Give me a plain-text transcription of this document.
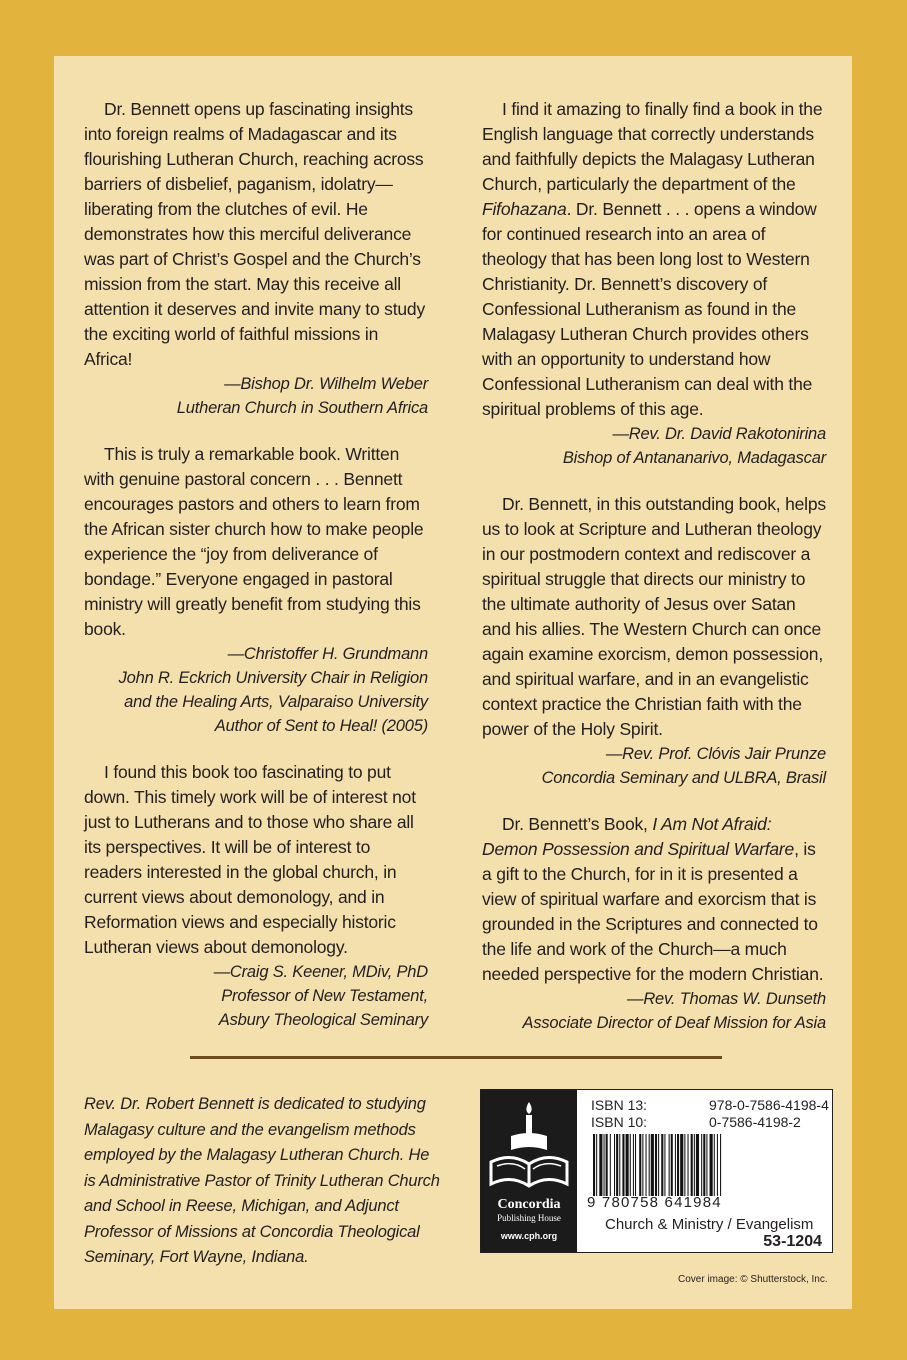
Dr. Bennett opens up fascinating insights into foreign realms of Madagascar and its flourishing Lutheran Church, reaching across barriers of disbelief, paganism, idolatry—liberating from the clutches of evil. He demonstrates how this merciful deliverance was part of Christ’s Gospel and the Church’s mission from the start. May this receive all attention it deserves and invite many to study the exciting world of faithful missions in Africa!

—Bishop Dr. Wilhelm Weber

Lutheran Church in Southern Africa

This is truly a remarkable book. Written with genuine pastoral concern . . . Bennett encourages pastors and others to learn from the African sister church how to make people experience the “joy from deliverance of bondage.” Everyone engaged in pastoral ministry will greatly benefit from studying this book.

—Christoffer H. Grundmann

John R. Eckrich University Chair in Religion

and the Healing Arts, Valparaiso University

Author of Sent to Heal! (2005)

I found this book too fascinating to put down. This timely work will be of interest not just to Lutherans and to those who share all its perspectives. It will be of interest to readers interested in the global church, in current views about demonology, and in Reformation views and especially historic Lutheran views about demonology.

—Craig S. Keener, MDiv, PhD

Professor of New Testament,

Asbury Theological Seminary

I find it amazing to finally find a book in the English language that correctly understands and faithfully depicts the Malagasy Lutheran Church, particularly the department of the Fifohazana. Dr. Bennett . . . opens a window for continued research into an area of theology that has been long lost to Western Christianity. Dr. Bennett’s discovery of Confessional Lutheranism as found in the Malagasy Lutheran Church provides others with an opportunity to understand how Confessional Lutheranism can deal with the spiritual problems of this age.

—Rev. Dr. David Rakotonirina

Bishop of Antananarivo, Madagascar

Dr. Bennett, in this outstanding book, helps us to look at Scripture and Lutheran theology in our postmodern context and rediscover a spiritual struggle that directs our ministry to the ultimate authority of Jesus over Satan and his allies. The Western Church can once again examine exorcism, demon possession, and spiritual warfare, and in an evangelistic context practice the Christian faith with the power of the Holy Spirit.

—Rev. Prof. Clóvis Jair Prunze

Concordia Seminary and ULBRA, Brasil

Dr. Bennett’s Book, I Am Not Afraid: Demon Possession and Spiritual Warfare, is a gift to the Church, for in it is presented a view of spiritual warfare and exorcism that is grounded in the Scriptures and connected to the life and work of the Church—a much needed perspective for the modern Christian.

—Rev. Thomas W. Dunseth

Associate Director of Deaf Mission for Asia

Rev. Dr. Robert Bennett is dedicated to studying Malagasy culture and the evangelism methods employed by the Malagasy Lutheran Church. He is Administrative Pastor of Trinity Lutheran Church and School in Reese, Michigan, and Adjunct Professor of Missions at Concordia Theological Seminary, Fort Wayne, Indiana.
Concordia
Publishing House
www.cph.org
ISBN 13:	978-0-7586-4198-4
ISBN 10:	0-7586-4198-2
9 780758 641984
Church & Ministry / Evangelism
53-1204
Cover image: © Shutterstock, Inc.
